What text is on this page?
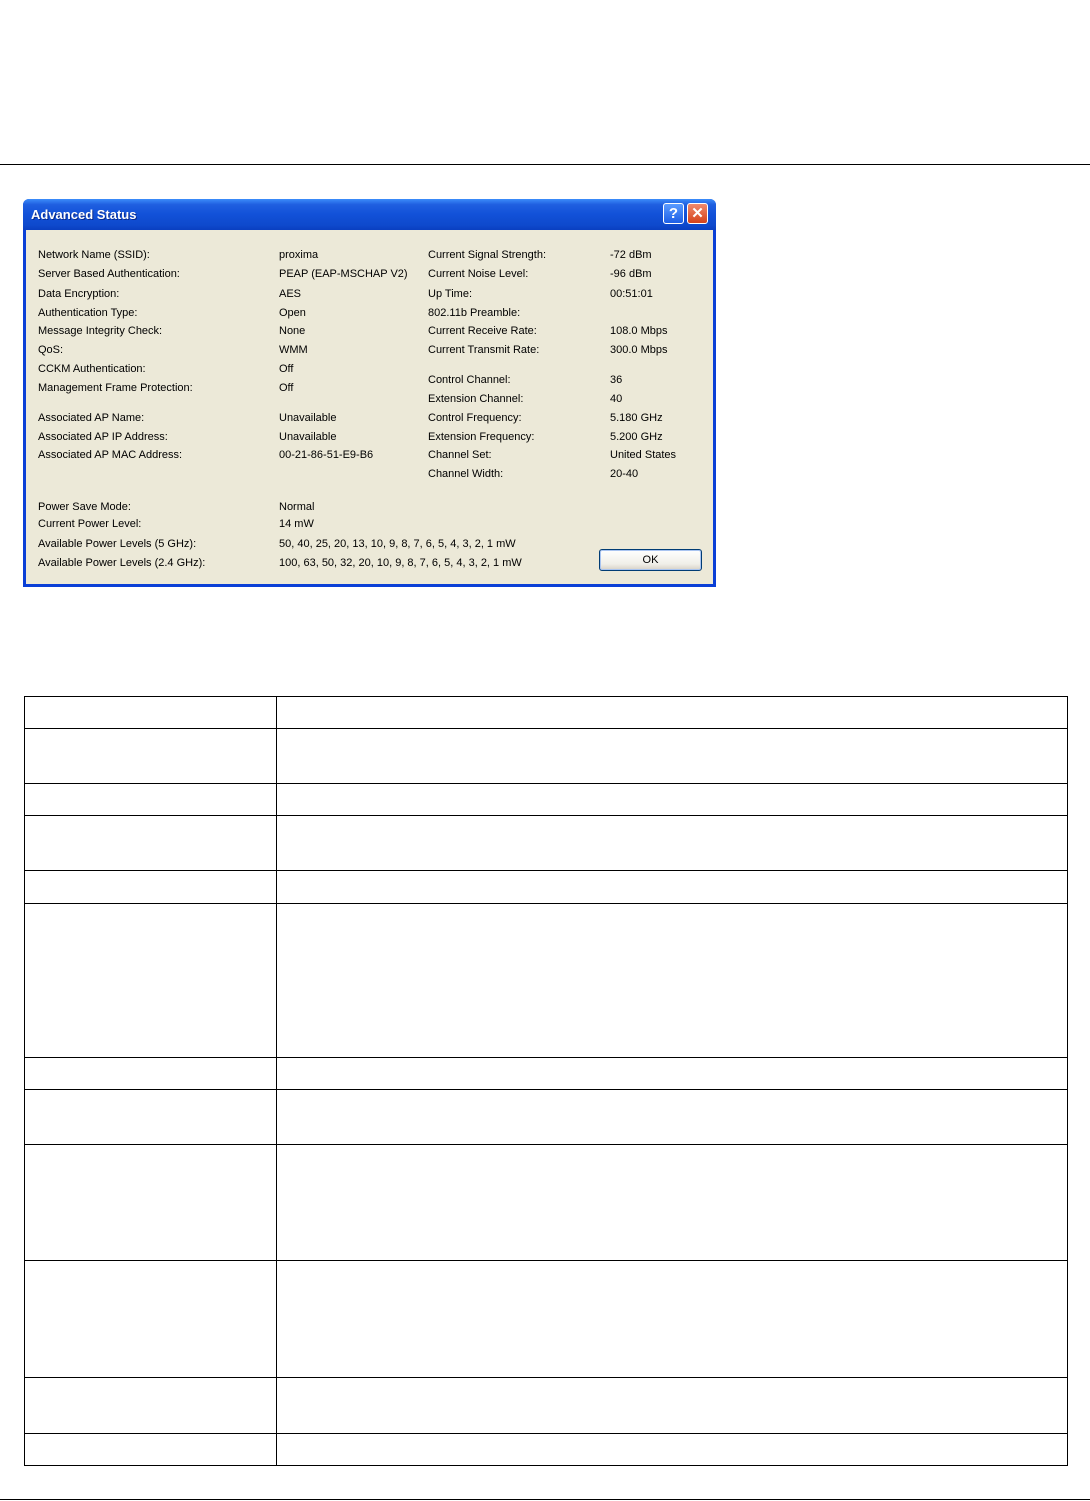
Advanced Status	? ✕
Network Name (SSID):	proxima
Server Based Authentication:	PEAP (EAP-MSCHAP V2)
Data Encryption:	AES
Authentication Type:	Open
Message Integrity Check:	None
QoS:	WMM
CCKM Authentication:	Off
Management Frame Protection:	Off
Associated AP Name:	Unavailable
Associated AP IP Address:	Unavailable
Associated AP MAC Address:	00-21-86-51-E9-B6
Power Save Mode:	Normal
Current Power Level:	14 mW
Available Power Levels (5 GHz):	50, 40, 25, 20, 13, 10, 9, 8, 7, 6, 5, 4, 3, 2, 1 mW
Available Power Levels (2.4 GHz):	100, 63, 50, 32, 20, 10, 9, 8, 7, 6, 5, 4, 3, 2, 1 mW
Current Signal Strength:	-72 dBm
Current Noise Level:	-96 dBm
Up Time:	00:51:01
802.11b Preamble:
Current Receive Rate:	108.0 Mbps
Current Transmit Rate:	300.0 Mbps
Control Channel:	36
Extension Channel:	40
Control Frequency:	5.180 GHz
Extension Frequency:	5.200 GHz
Channel Set:	United States
Channel Width:	20-40
OK
